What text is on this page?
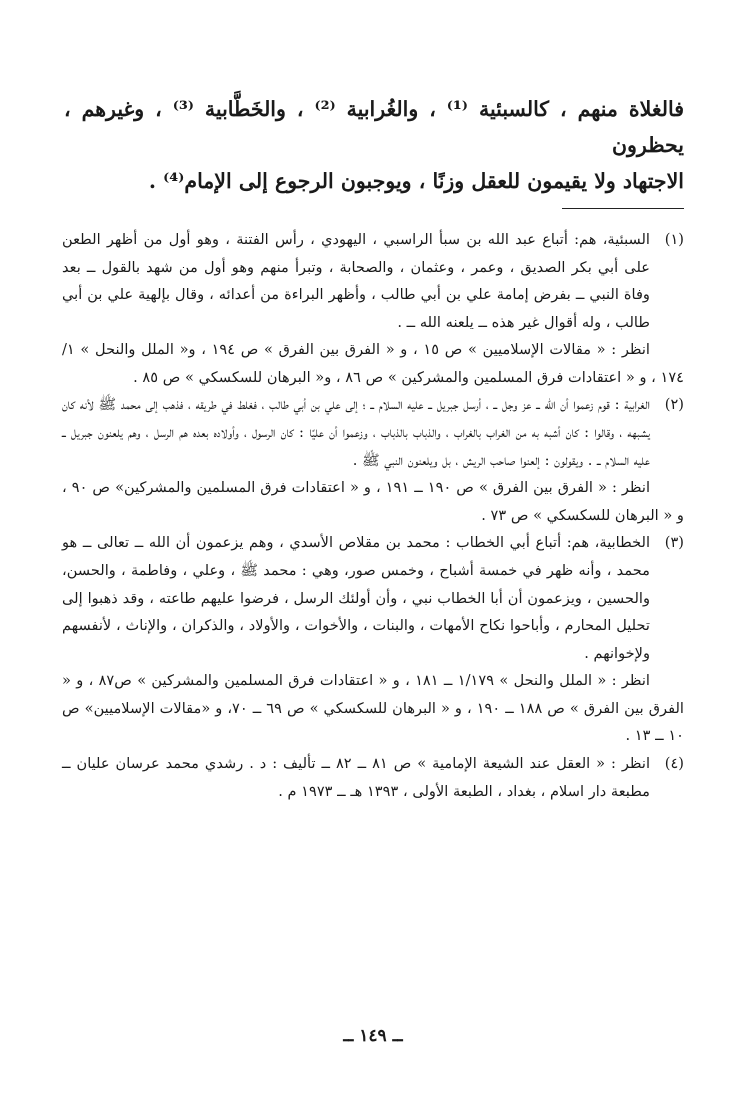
فالغلاة منهم ، كالسبئية ⁽¹⁾ ، والغُرابية ⁽²⁾ ، والخَطَّابية ⁽³⁾ ، وغيرهم ، يحظرون

الاجتهاد ولا يقيمون للعقل وزنًا ، ويوجبون الرجوع إلى الإمام⁽⁴⁾ .

(١)
السبئية، هم: أتباع عبد الله بن سبأ الراسبي ، اليهودي ، رأس الفتنة ، وهو أول من أظهر الطعن على أبي بكر الصديق ، وعمر ، وعثمان ، والصحابة ، وتبرأ منهم وهو أول من شهد بالقول ــ بعد وفاة النبي ــ بفرض إمامة علي بن أبي طالب ، وأظهر البراءة من أعدائه ، وقال بإلهية علي بن أبي طالب ، وله أقوال غير هذه ــ يلعنه الله ــ .

انظر : « مقالات الإسلاميين » ص ١٥ ، و « الفرق بين الفرق » ص ١٩٤ ، و« الملل والنحل » ١/ ١٧٤ ، و « اعتقادات فرق المسلمين والمشركين » ص ٨٦ ، و« البرهان للسكسكي » ص ٨٥ .

(٢)
الغرابية : قوم زعموا أن الله ــ عز وجل ــ ، أرسل جبريل ــ عليه السلام ــ ؛ إلى علي بن أبي طالب ، فغلط في طريقه ، فذهب إلى محمد ﷺ لأنه كان يشبهه ، وقالوا : كان أشبه به من الغراب بالغراب ، والذباب بالذباب ، وزعموا أن عليًا : كان الرسول ، وأولاده بعده هم الرسل ، وهم يلعنون جبريل ــ عليه السلام ــ . ويقولون : إلعنوا صاحب الريش ، بل ويلعنون النبي ﷺ .

انظر : « الفرق بين الفرق » ص ١٩٠ ــ ١٩١ ، و « اعتقادات فرق المسلمين والمشركين» ص ٩٠ ، و « البرهان للسكسكي » ص ٧٣ .

(٣)
الخطابية، هم: أتباع أبي الخطاب : محمد بن مقلاص الأسدي ، وهم يزعمون أن الله ــ تعالى ــ هو محمد ، وأنه ظهر في خمسة أشباح ، وخمس صور، وهي : محمد ﷺ ، وعلي ، وفاطمة ، والحسن، والحسين ، ويزعمون أن أبا الخطاب نبي ، وأن أولئك الرسل ، فرضوا عليهم طاعته ، وقد ذهبوا إلى تحليل المحارم ، وأباحوا نكاح الأمهات ، والبنات ، والأخوات ، والأولاد ، والذكران ، والإناث ، لأنفسهم ولإخوانهم .

انظر : « الملل والنحل » ١/١٧٩ ــ ١٨١ ، و « اعتقادات فرق المسلمين والمشركين » ص٨٧ ، و « الفرق بين الفرق » ص ١٨٨ ــ ١٩٠ ، و « البرهان للسكسكي » ص ٦٩ ــ ٧٠، و «مقالات الإسلاميين» ص ١٠ ــ ١٣ .

(٤)
انظر : « العقل عند الشيعة الإمامية » ص ٨١ ــ ٨٢ ــ تأليف : د . رشدي محمد عرسان عليان ــ مطبعة دار اسلام ، بغداد ، الطبعة الأولى ، ١٣٩٣ هـ ــ ١٩٧٣ م .

ــ ١٤٩ ــ
